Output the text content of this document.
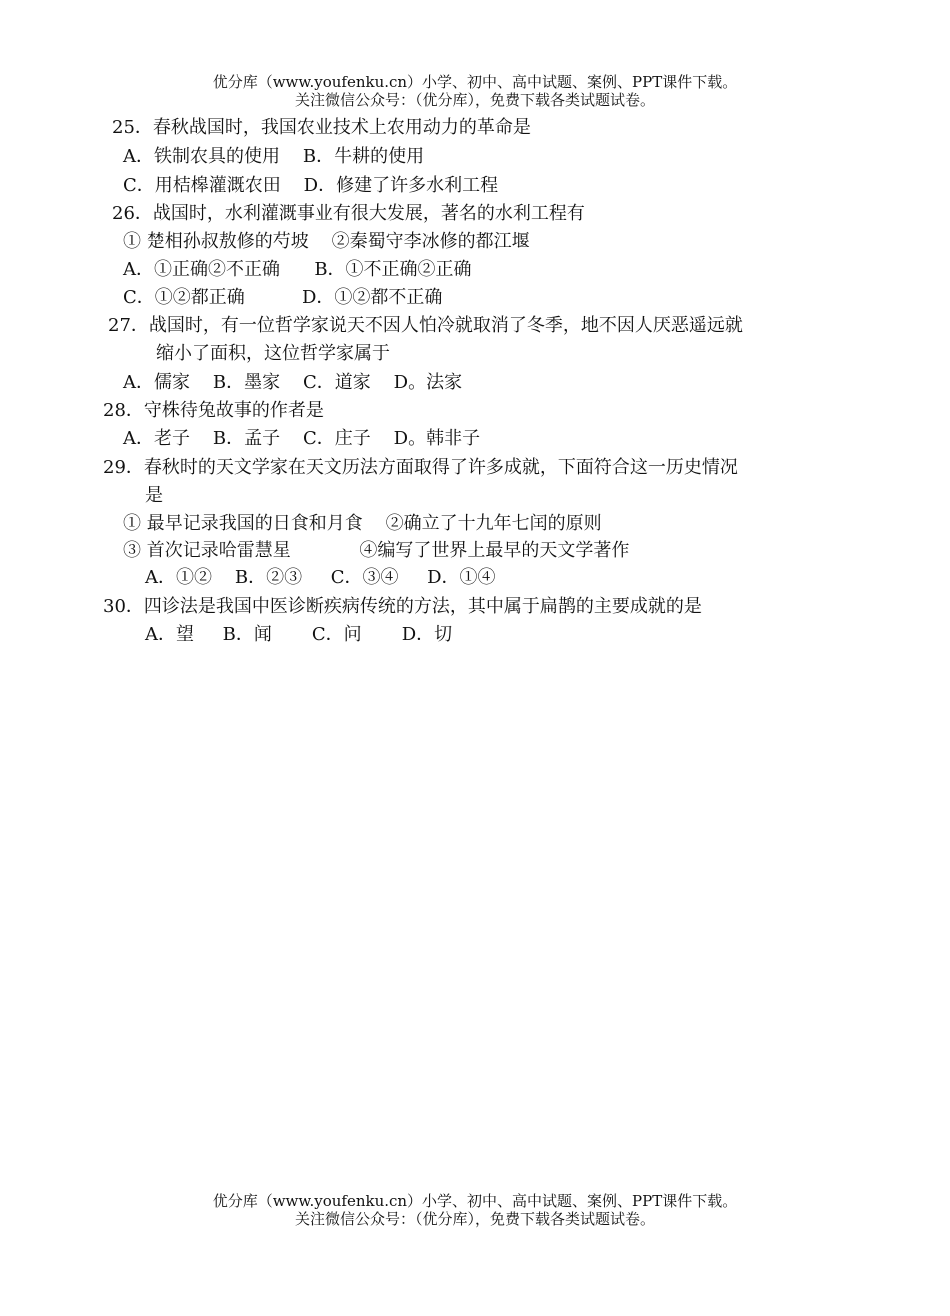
优分库（www.youfenku.cn）小学、初中、高中试题、案例、PPT课件下载。
关注微信公众号：（优分库），免费下载各类试题试卷。
25．春秋战国时，我国农业技术上农用动力的革命是
A．铁制农具的使用    B．牛耕的使用
C．用桔槔灌溉农田    D．修建了许多水利工程
26．战国时，水利灌溉事业有很大发展，著名的水利工程有
① 楚相孙叔敖修的芍坡    ②秦蜀守李冰修的都江堰
A．①正确②不正确      B．①不正确②正确
C．①②都正确          D．①②都不正确
27．战国时，有一位哲学家说天不因人怕冷就取消了冬季，地不因人厌恶遥远就
缩小了面积，这位哲学家属于
A．儒家    B．墨家    C．道家    D。法家
28．守株待兔故事的作者是
A．老子    B．孟子    C．庄子    D。韩非子
29．春秋时的天文学家在天文历法方面取得了许多成就，下面符合这一历史情况
是
① 最早记录我国的日食和月食    ②确立了十九年七闰的原则
③ 首次记录哈雷慧星            ④编写了世界上最早的天文学著作
A．①②    B．②③     C．③④     D．①④
30．四诊法是我国中医诊断疾病传统的方法，其中属于扁鹊的主要成就的是
A．望     B．闻       C．问       D．切
优分库（www.youfenku.cn）小学、初中、高中试题、案例、PPT课件下载。
关注微信公众号：（优分库），免费下载各类试题试卷。
